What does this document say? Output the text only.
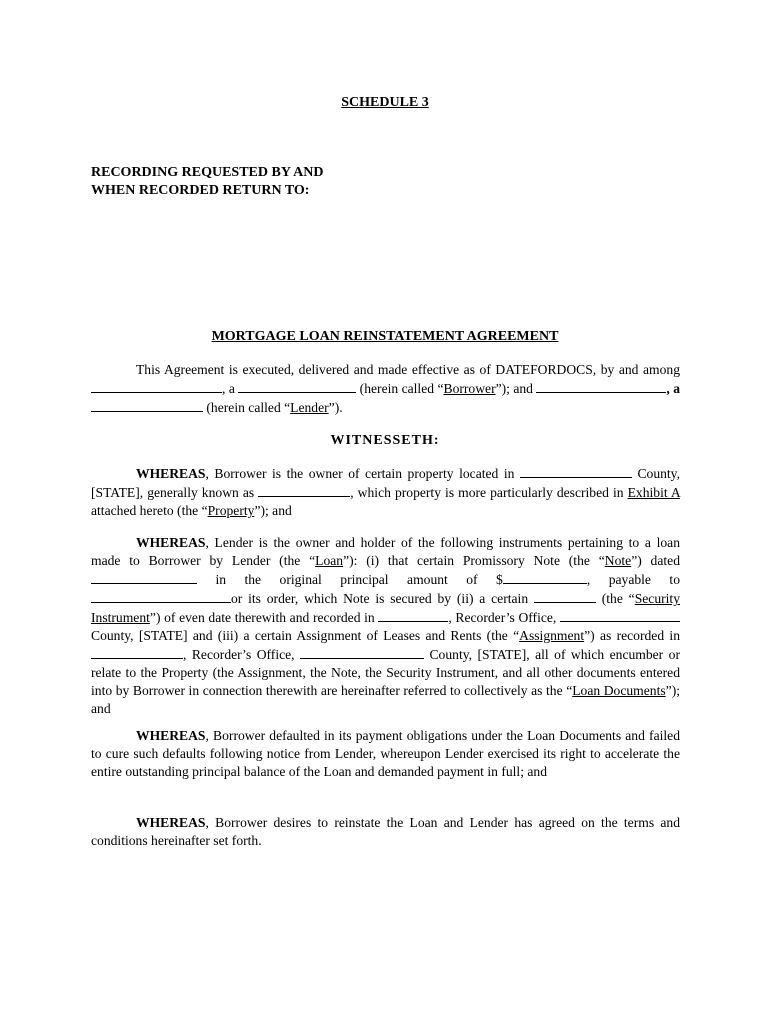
SCHEDULE 3
RECORDING REQUESTED BY AND
WHEN RECORDED RETURN TO:
MORTGAGE LOAN REINSTATEMENT AGREEMENT
This Agreement is executed, delivered and made effective as of DATEFORDOCS, by and among , a	(herein called “Borrower”); and	, a  (herein called “Lender”).
WITNESSETH:
WHEREAS, Borrower is the owner of certain property located in	County, [STATE], generally known as	, which property is more particularly described in Exhibit A attached hereto (the “Property”); and
WHEREAS, Lender is the owner and holder of the following instruments pertaining to a loan made to Borrower by Lender (the “Loan”): (i) that certain Promissory Note (the “Note”) dated  in the original principal amount of $	, payable to or its order, which Note is secured by (ii) a certain	(the “Security Instrument”) of even date therewith and recorded in	, Recorder’s Office,  County, [STATE] and (iii) a certain Assignment of Leases and Rents (the “Assignment”) as recorded in , Recorder’s Office,	County, [STATE], all of which encumber or relate to the Property (the Assignment, the Note, the Security Instrument, and all other documents entered into by Borrower in connection therewith are hereinafter referred to collectively as the “Loan Documents”); and
WHEREAS, Borrower defaulted in its payment obligations under the Loan Documents and failed to cure such defaults following notice from Lender, whereupon Lender exercised its right to accelerate the entire outstanding principal balance of the Loan and demanded payment in full; and
WHEREAS, Borrower desires to reinstate the Loan and Lender has agreed on the terms and conditions hereinafter set forth.
